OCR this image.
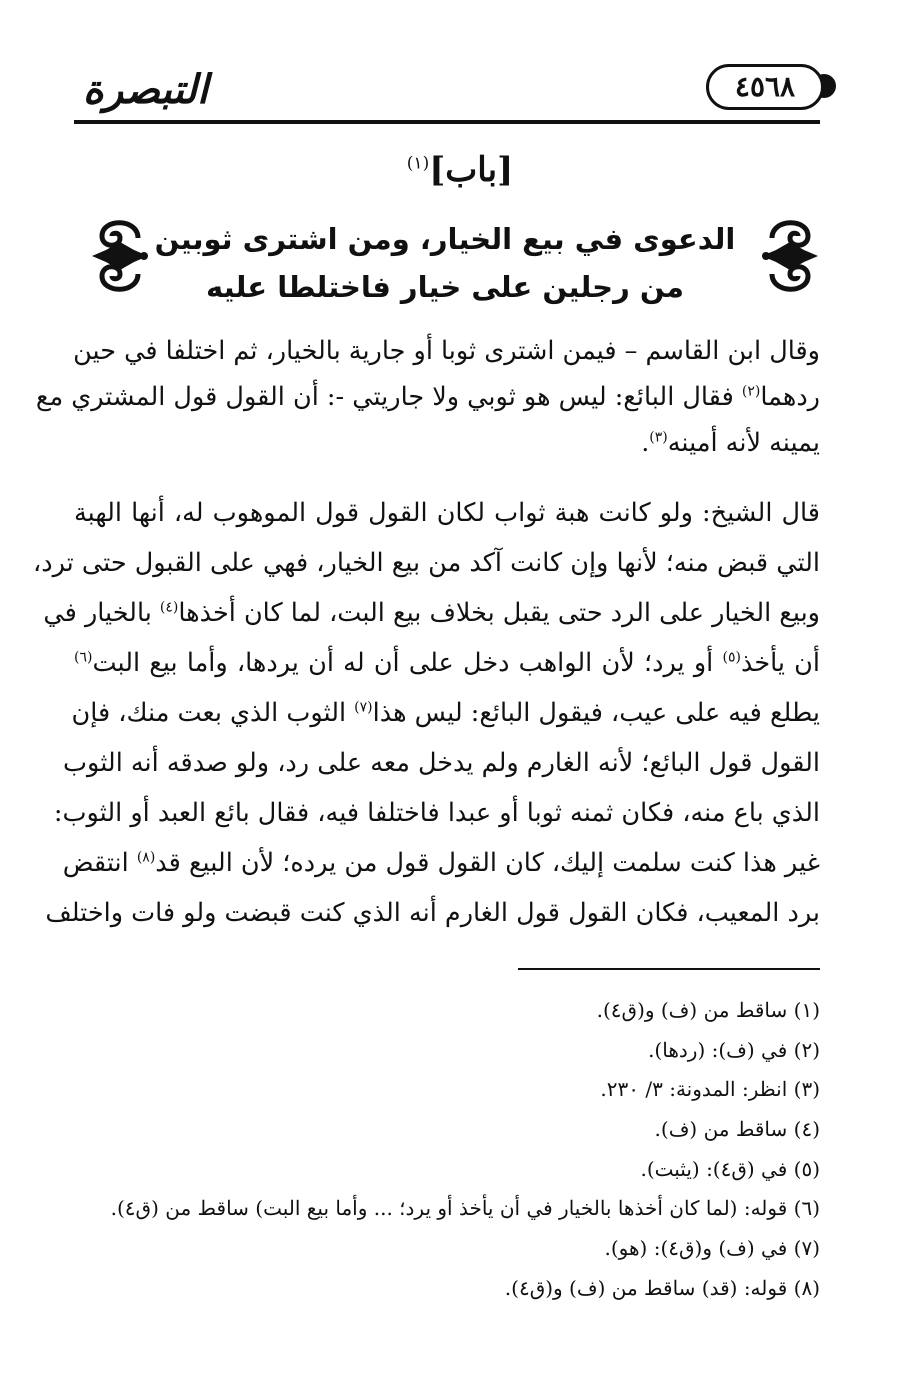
التبصرة	٤٥٦٨
[باب]$^{(١)}$
الدعوى في بيع الخيار، ومن اشترى ثوبين
من رجلين على خيار فاختلطا عليه
وقال ابن القاسم – فيمن اشترى ثوبا أو جارية بالخيار، ثم اختلفا في حين
ردهما$^{(٢)}$ فقال البائع: ليس هو ثوبي ولا جاريتي -: أن القول قول المشتري مع
يمينه لأنه أمينه$^{(٣)}$.
قال الشيخ: ولو كانت هبة ثواب لكان القول قول الموهوب له، أنها الهبة
التي قبض منه؛ لأنها وإن كانت آكد من بيع الخيار، فهي على القبول حتى ترد،
وبيع الخيار على الرد حتى يقبل بخلاف بيع البت، لما كان أخذها$^{(٤)}$ بالخيار في
أن يأخذ$^{(٥)}$ أو يرد؛ لأن الواهب دخل على أن له أن يردها، وأما بيع البت$^{(٦)}$
يطلع فيه على عيب، فيقول البائع: ليس هذا$^{(٧)}$ الثوب الذي بعت منك، فإن
القول قول البائع؛ لأنه الغارم ولم يدخل معه على رد، ولو صدقه أنه الثوب
الذي باع منه، فكان ثمنه ثوبا أو عبدا فاختلفا فيه، فقال بائع العبد أو الثوب:
غير هذا كنت سلمت إليك، كان القول قول من يرده؛ لأن البيع قد$^{(٨)}$ انتقض
برد المعيب، فكان القول قول الغارم أنه الذي كنت قبضت ولو فات واختلف
(١) ساقط من (ف) و(ق٤).
(٢) في (ف): (ردها).
(٣) انظر: المدونة: ٣/ ٢٣٠.
(٤) ساقط من (ف).
(٥) في (ق٤): (يثبت).
(٦) قوله: (لما كان أخذها بالخيار في أن يأخذ أو يرد؛ ... وأما بيع البت) ساقط من (ق٤).
(٧) في (ف) و(ق٤): (هو).
(٨) قوله: (قد) ساقط من (ف) و(ق٤).
